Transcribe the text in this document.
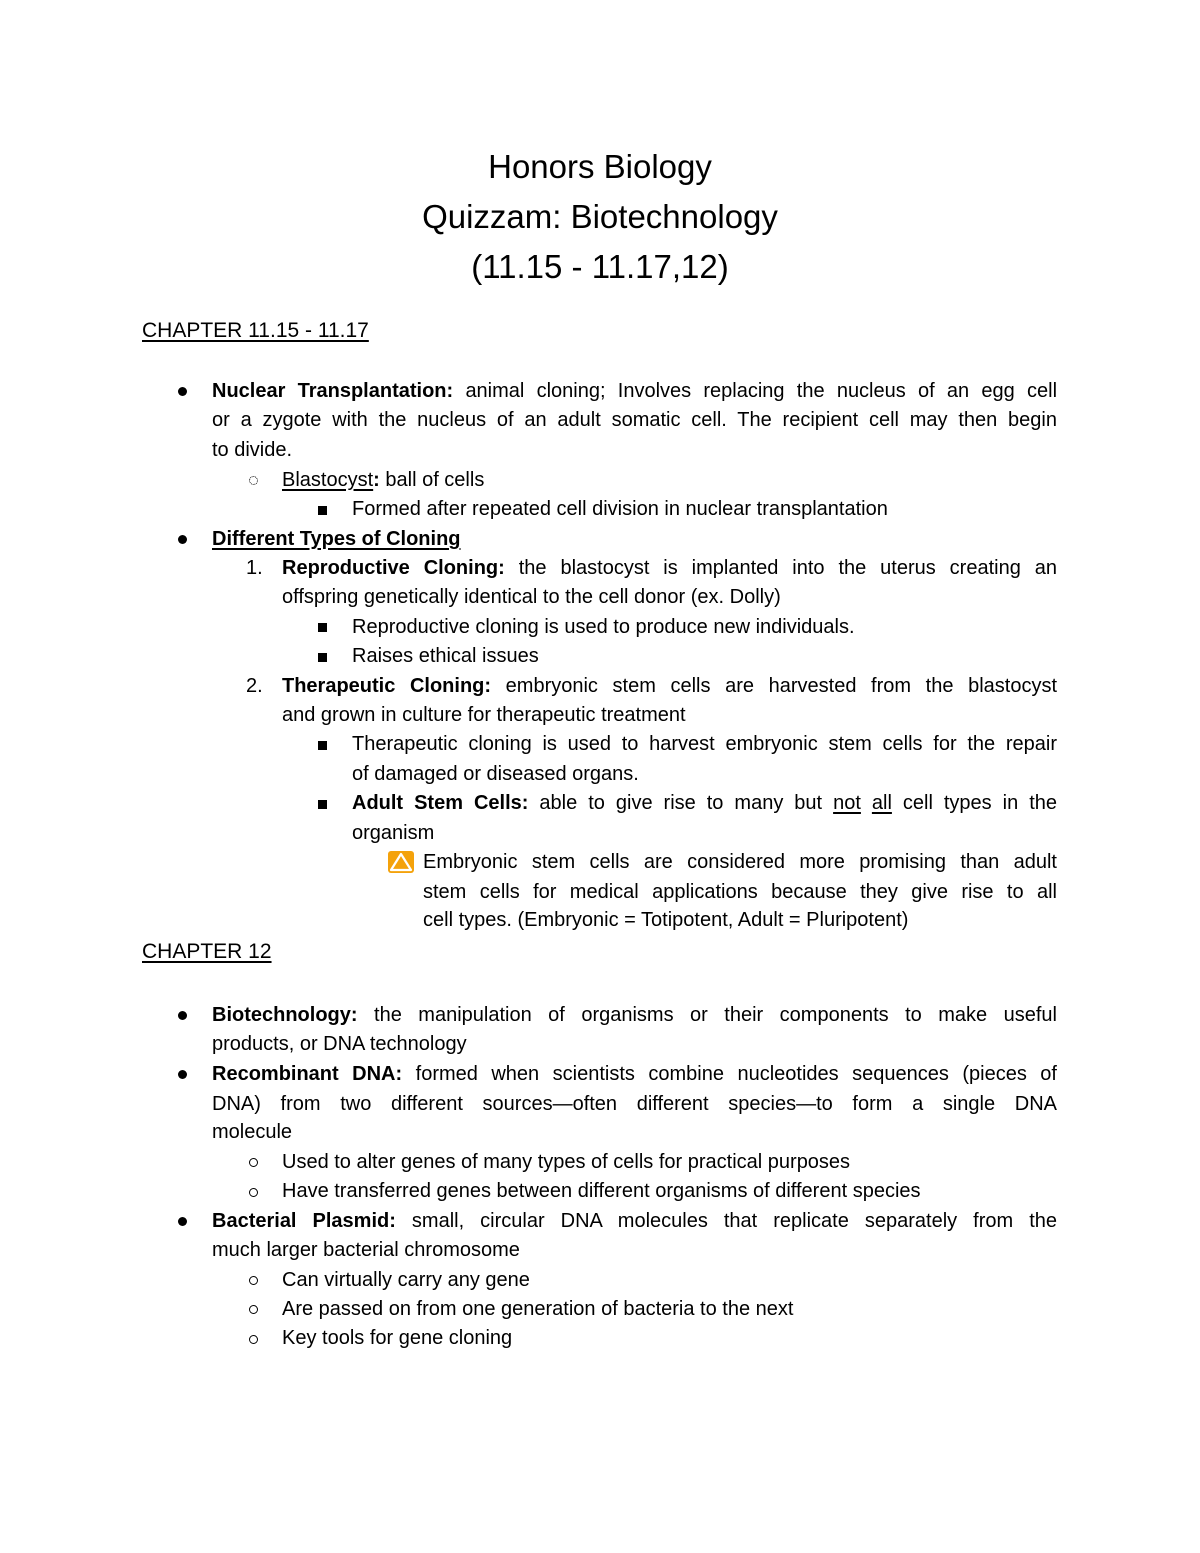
Honors Biology
Quizzam: Biotechnology
(11.15 - 11.17,12)
CHAPTER 11.15 - 11.17
Nuclear Transplantation: animal cloning; Involves replacing the nucleus of an egg cell
or a zygote with the nucleus of an adult somatic cell. The recipient cell may then begin
to divide.
Blastocyst: ball of cells
Formed after repeated cell division in nuclear transplantation
Different Types of Cloning
1. Reproductive Cloning: the blastocyst is implanted into the uterus creating an
offspring genetically identical to the cell donor (ex. Dolly)
Reproductive cloning is used to produce new individuals.
Raises ethical issues
2. Therapeutic Cloning: embryonic stem cells are harvested from the blastocyst
and grown in culture for therapeutic treatment
Therapeutic cloning is used to harvest embryonic stem cells for the repair
of damaged or diseased organs.
Adult Stem Cells: able to give rise to many but not all cell types in the
organism
Embryonic stem cells are considered more promising than adult
stem cells for medical applications because they give rise to all
cell types. (Embryonic = Totipotent, Adult = Pluripotent)
CHAPTER 12
Biotechnology: the manipulation of organisms or their components to make useful
products, or DNA technology
Recombinant DNA: formed when scientists combine nucleotides sequences (pieces of
DNA) from two different sources—often different species—to form a single DNA
molecule
Used to alter genes of many types of cells for practical purposes
Have transferred genes between different organisms of different species
Bacterial Plasmid: small, circular DNA molecules that replicate separately from the
much larger bacterial chromosome
Can virtually carry any gene
Are passed on from one generation of bacteria to the next
Key tools for gene cloning
